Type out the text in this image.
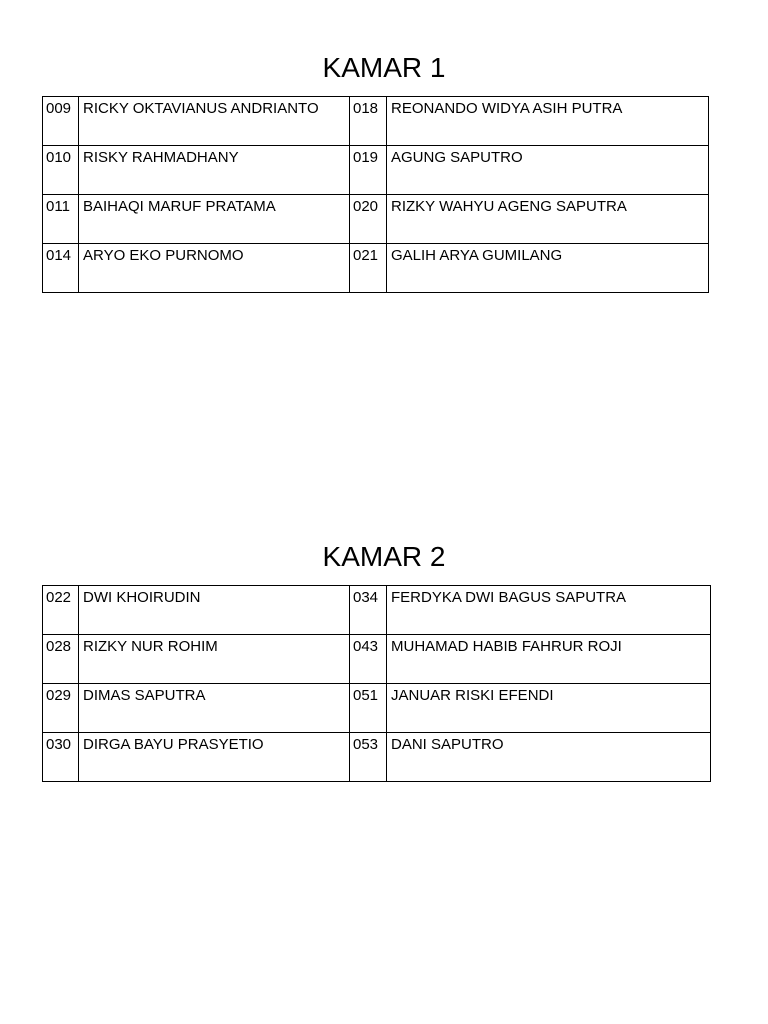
KAMAR 1
009	RICKY OKTAVIANUS ANDRIANTO	018	REONANDO WIDYA ASIH PUTRA
010	RISKY RAHMADHANY	019	AGUNG SAPUTRO
011	BAIHAQI MARUF PRATAMA	020	RIZKY WAHYU AGENG SAPUTRA
014	ARYO EKO PURNOMO	021	GALIH ARYA GUMILANG
KAMAR 2
022	DWI KHOIRUDIN	034	FERDYKA DWI BAGUS SAPUTRA
028	RIZKY NUR ROHIM	043	MUHAMAD HABIB FAHRUR ROJI
029	DIMAS SAPUTRA	051	JANUAR RISKI EFENDI
030	DIRGA BAYU PRASYETIO	053	DANI SAPUTRO
